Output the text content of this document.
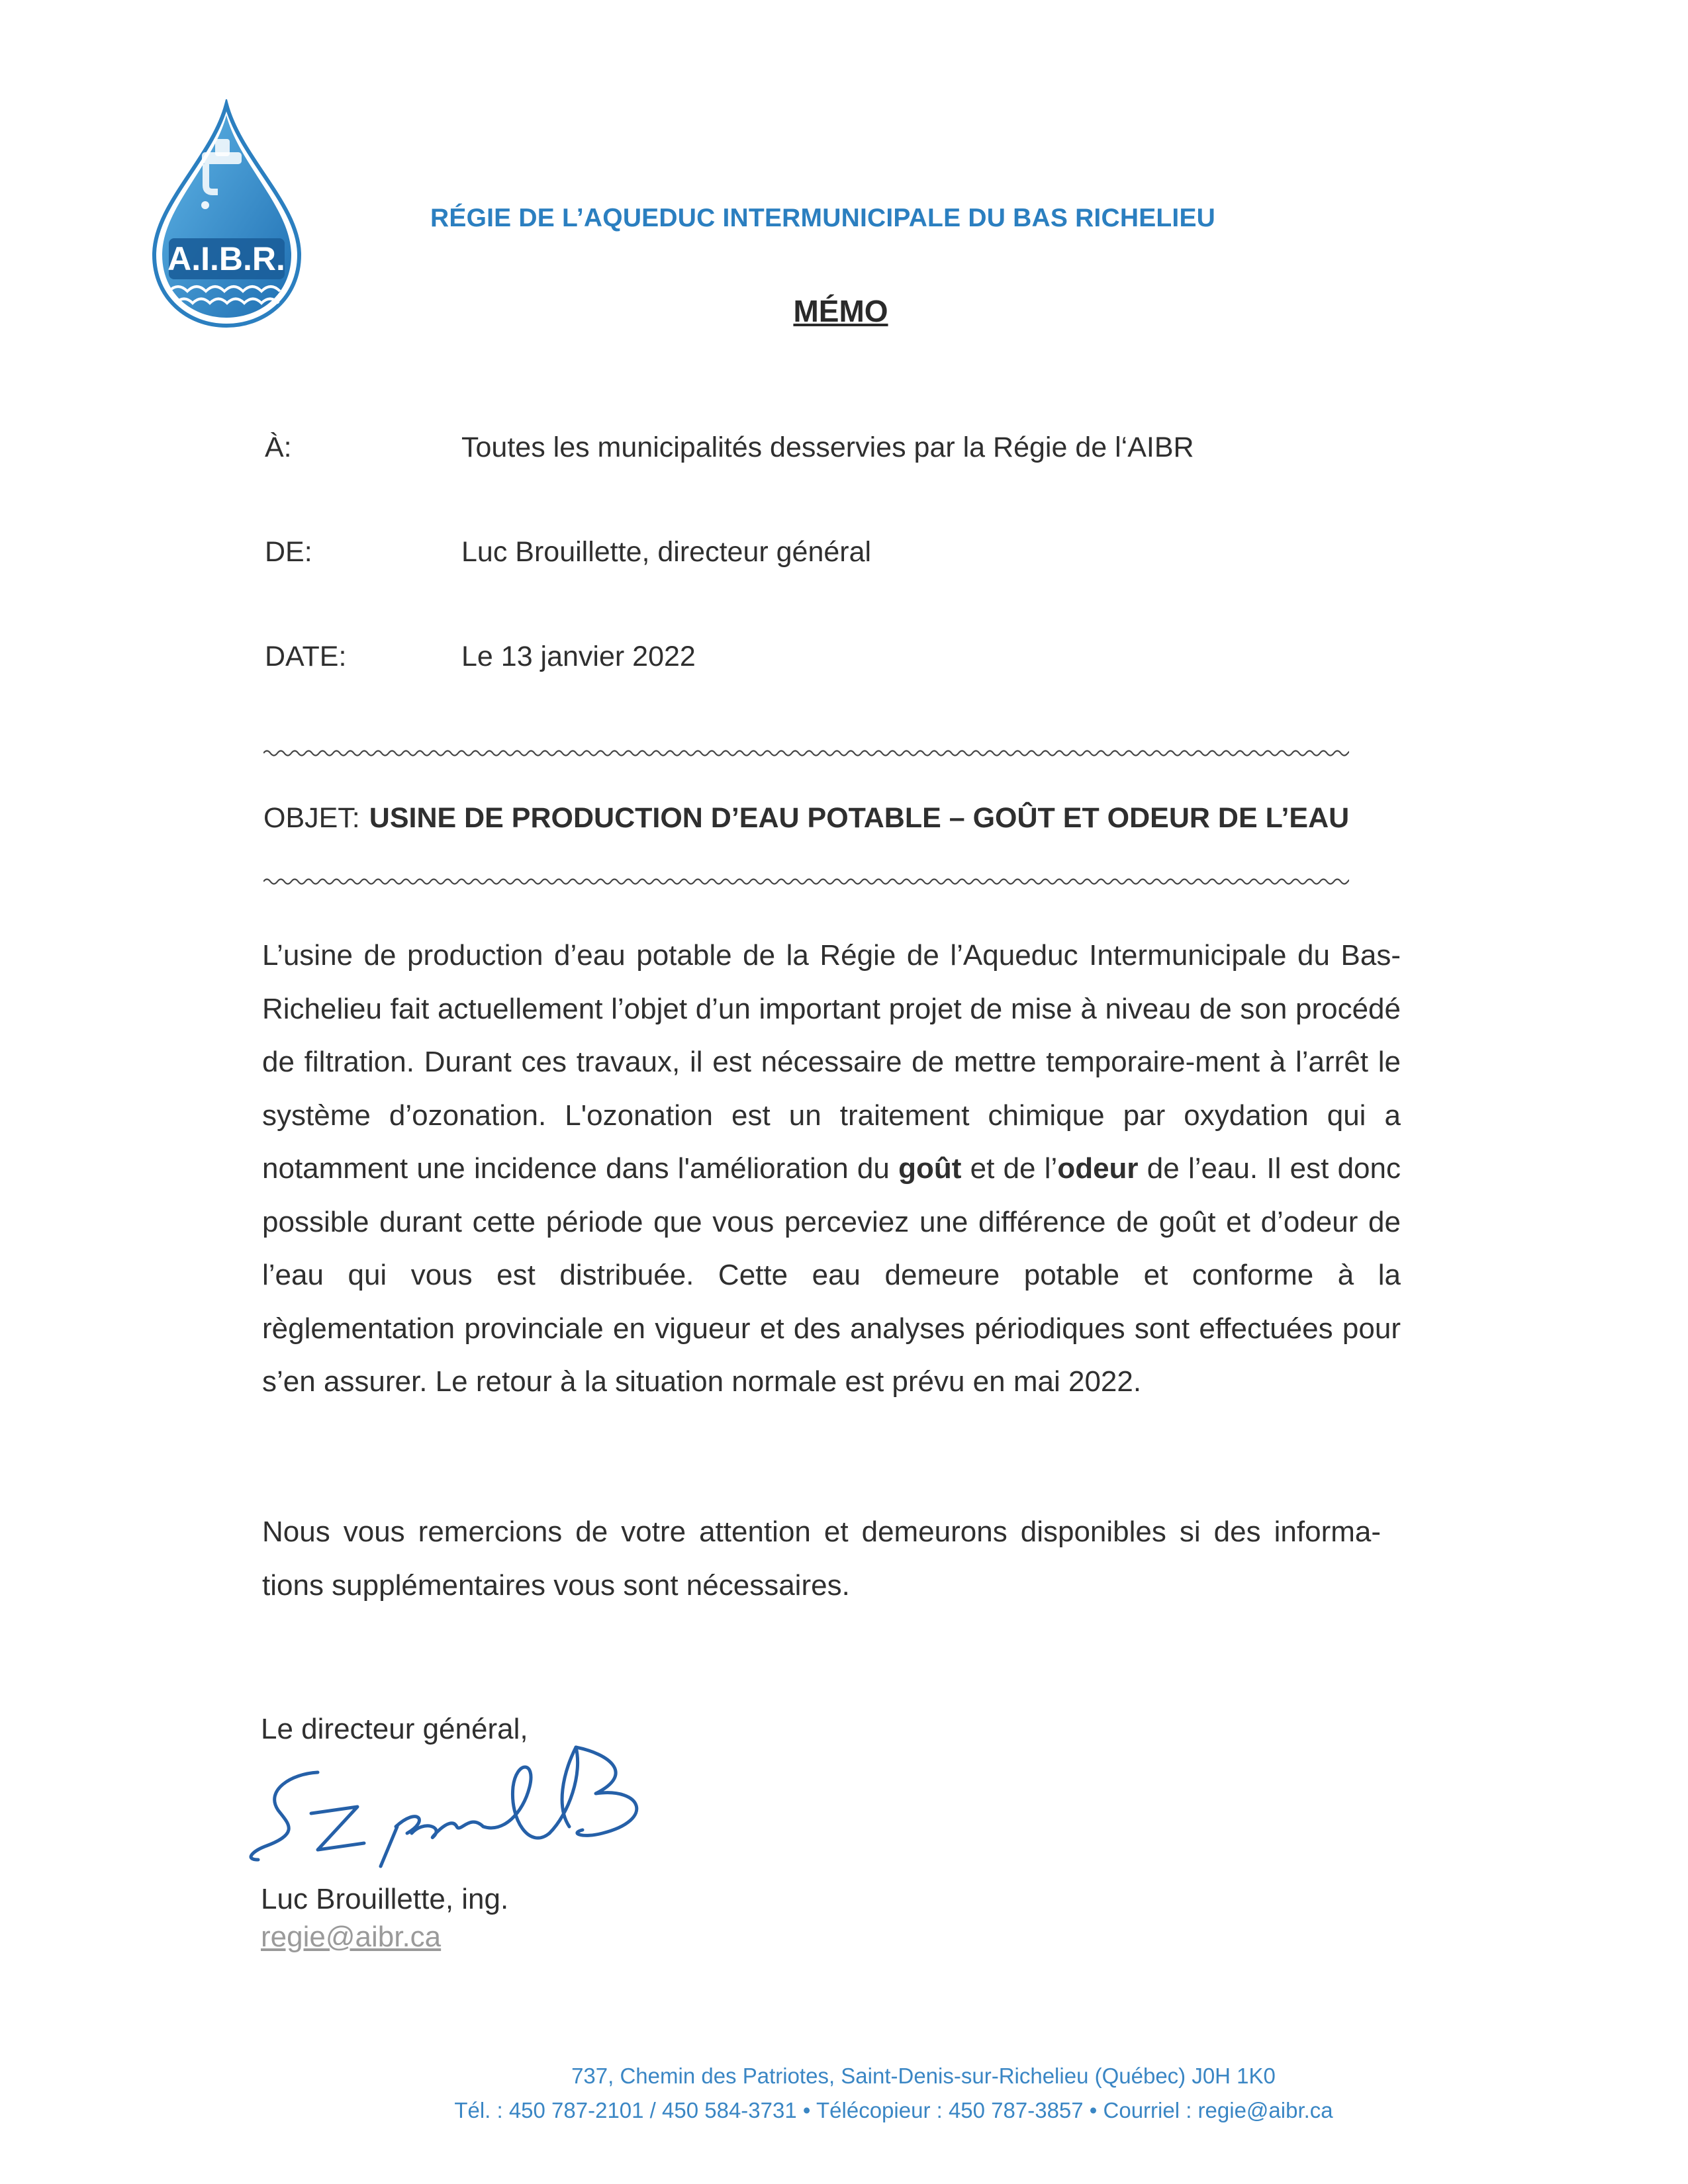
A.I.B.R.
RÉGIE DE L’AQUEDUC INTERMUNICIPALE DU BAS RICHELIEU
MÉMO
À:	Toutes les municipalités desservies par la Régie de l‘AIBR
DE:	Luc Brouillette, directeur général
DATE:	Le 13 janvier 2022
OBJET: USINE DE PRODUCTION D’EAU POTABLE – GOÛT ET ODEUR DE L’EAU
L’usine de production d’eau potable de la Régie de l’Aqueduc Intermunicipale du Bas-Richelieu fait actuellement l’objet d’un important projet de mise à niveau de son procédé de filtration. Durant ces travaux, il est nécessaire de mettre temporaire-ment à l’arrêt le système d’ozonation. L'ozonation est un traitement chimique par oxydation qui a notamment une incidence dans l'amélioration du goût et de l’odeur de l’eau. Il est donc possible durant cette période que vous perceviez une différence de goût et d’odeur de l’eau qui vous est distribuée. Cette eau demeure potable et conforme à la règlementation provinciale en vigueur et des analyses périodiques sont effectuées pour s’en assurer. Le retour à la situation normale est prévu en mai 2022.
Nous vous remercions de votre attention et demeurons disponibles si des informa-tions supplémentaires vous sont nécessaires.
Le directeur général,
Luc Brouillette, ing.
regie@aibr.ca
737, Chemin des Patriotes, Saint-Denis-sur-Richelieu (Québec) J0H 1K0
Tél. : 450 787-2101 / 450 584-3731 • Télécopieur : 450 787-3857 • Courriel : regie@aibr.ca
